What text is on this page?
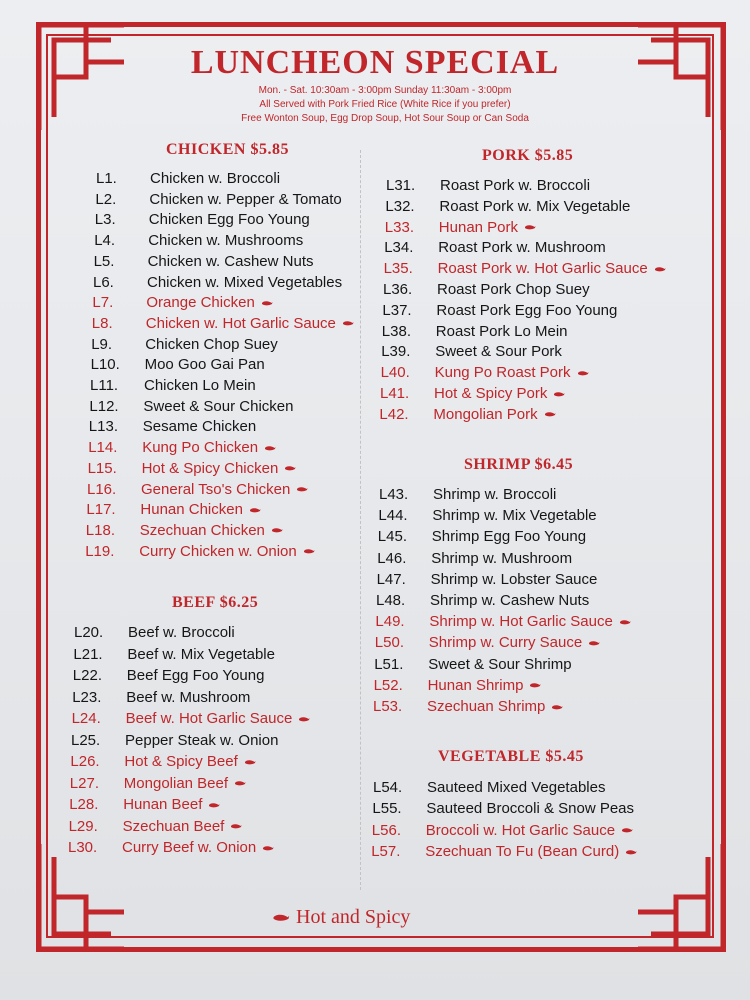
LUNCHEON SPECIAL
Mon. - Sat. 10:30am - 3:00pm Sunday 11:30am - 3:00pm
All Served with Pork Fried Rice (White Rice if you prefer)
Free Wonton Soup, Egg Drop Soup, Hot Sour Soup or Can Soda
CHICKEN $5.85
L1. Chicken w. Broccoli
L2. Chicken w. Pepper & Tomato
L3. Chicken Egg Foo Young
L4. Chicken w. Mushrooms
L5. Chicken w. Cashew Nuts
L6. Chicken w. Mixed Vegetables
L7. Orange Chicken
L8. Chicken w. Hot Garlic Sauce
L9. Chicken Chop Suey
L10. Moo Goo Gai Pan
L11. Chicken Lo Mein
L12. Sweet & Sour Chicken
L13. Sesame Chicken
L14. Kung Po Chicken
L15. Hot & Spicy Chicken
L16. General Tso's Chicken
L17. Hunan Chicken
L18. Szechuan Chicken
L19. Curry Chicken w. Onion
BEEF $6.25
L20. Beef w. Broccoli
L21. Beef w. Mix Vegetable
L22. Beef Egg Foo Young
L23. Beef w. Mushroom
L24. Beef w. Hot Garlic Sauce
L25. Pepper Steak w. Onion
L26. Hot & Spicy Beef
L27. Mongolian Beef
L28. Hunan Beef
L29. Szechuan Beef
L30. Curry Beef w. Onion
PORK $5.85
L31. Roast Pork w. Broccoli
L32. Roast Pork w. Mix Vegetable
L33. Hunan Pork
L34. Roast Pork w. Mushroom
L35. Roast Pork w. Hot Garlic Sauce
L36. Roast Pork Chop Suey
L37. Roast Pork Egg Foo Young
L38. Roast Pork Lo Mein
L39. Sweet & Sour Pork
L40. Kung Po Roast Pork
L41. Hot & Spicy Pork
L42. Mongolian Pork
SHRIMP $6.45
L43. Shrimp w. Broccoli
L44. Shrimp w. Mix Vegetable
L45. Shrimp Egg Foo Young
L46. Shrimp w. Mushroom
L47. Shrimp w. Lobster Sauce
L48. Shrimp w. Cashew Nuts
L49. Shrimp w. Hot Garlic Sauce
L50. Shrimp w. Curry Sauce
L51. Sweet & Sour Shrimp
L52. Hunan Shrimp
L53. Szechuan Shrimp
VEGETABLE $5.45
L54. Sauteed Mixed Vegetables
L55. Sauteed Broccoli & Snow Peas
L56. Broccoli w. Hot Garlic Sauce
L57. Szechuan To Fu (Bean Curd)
Hot and Spicy
